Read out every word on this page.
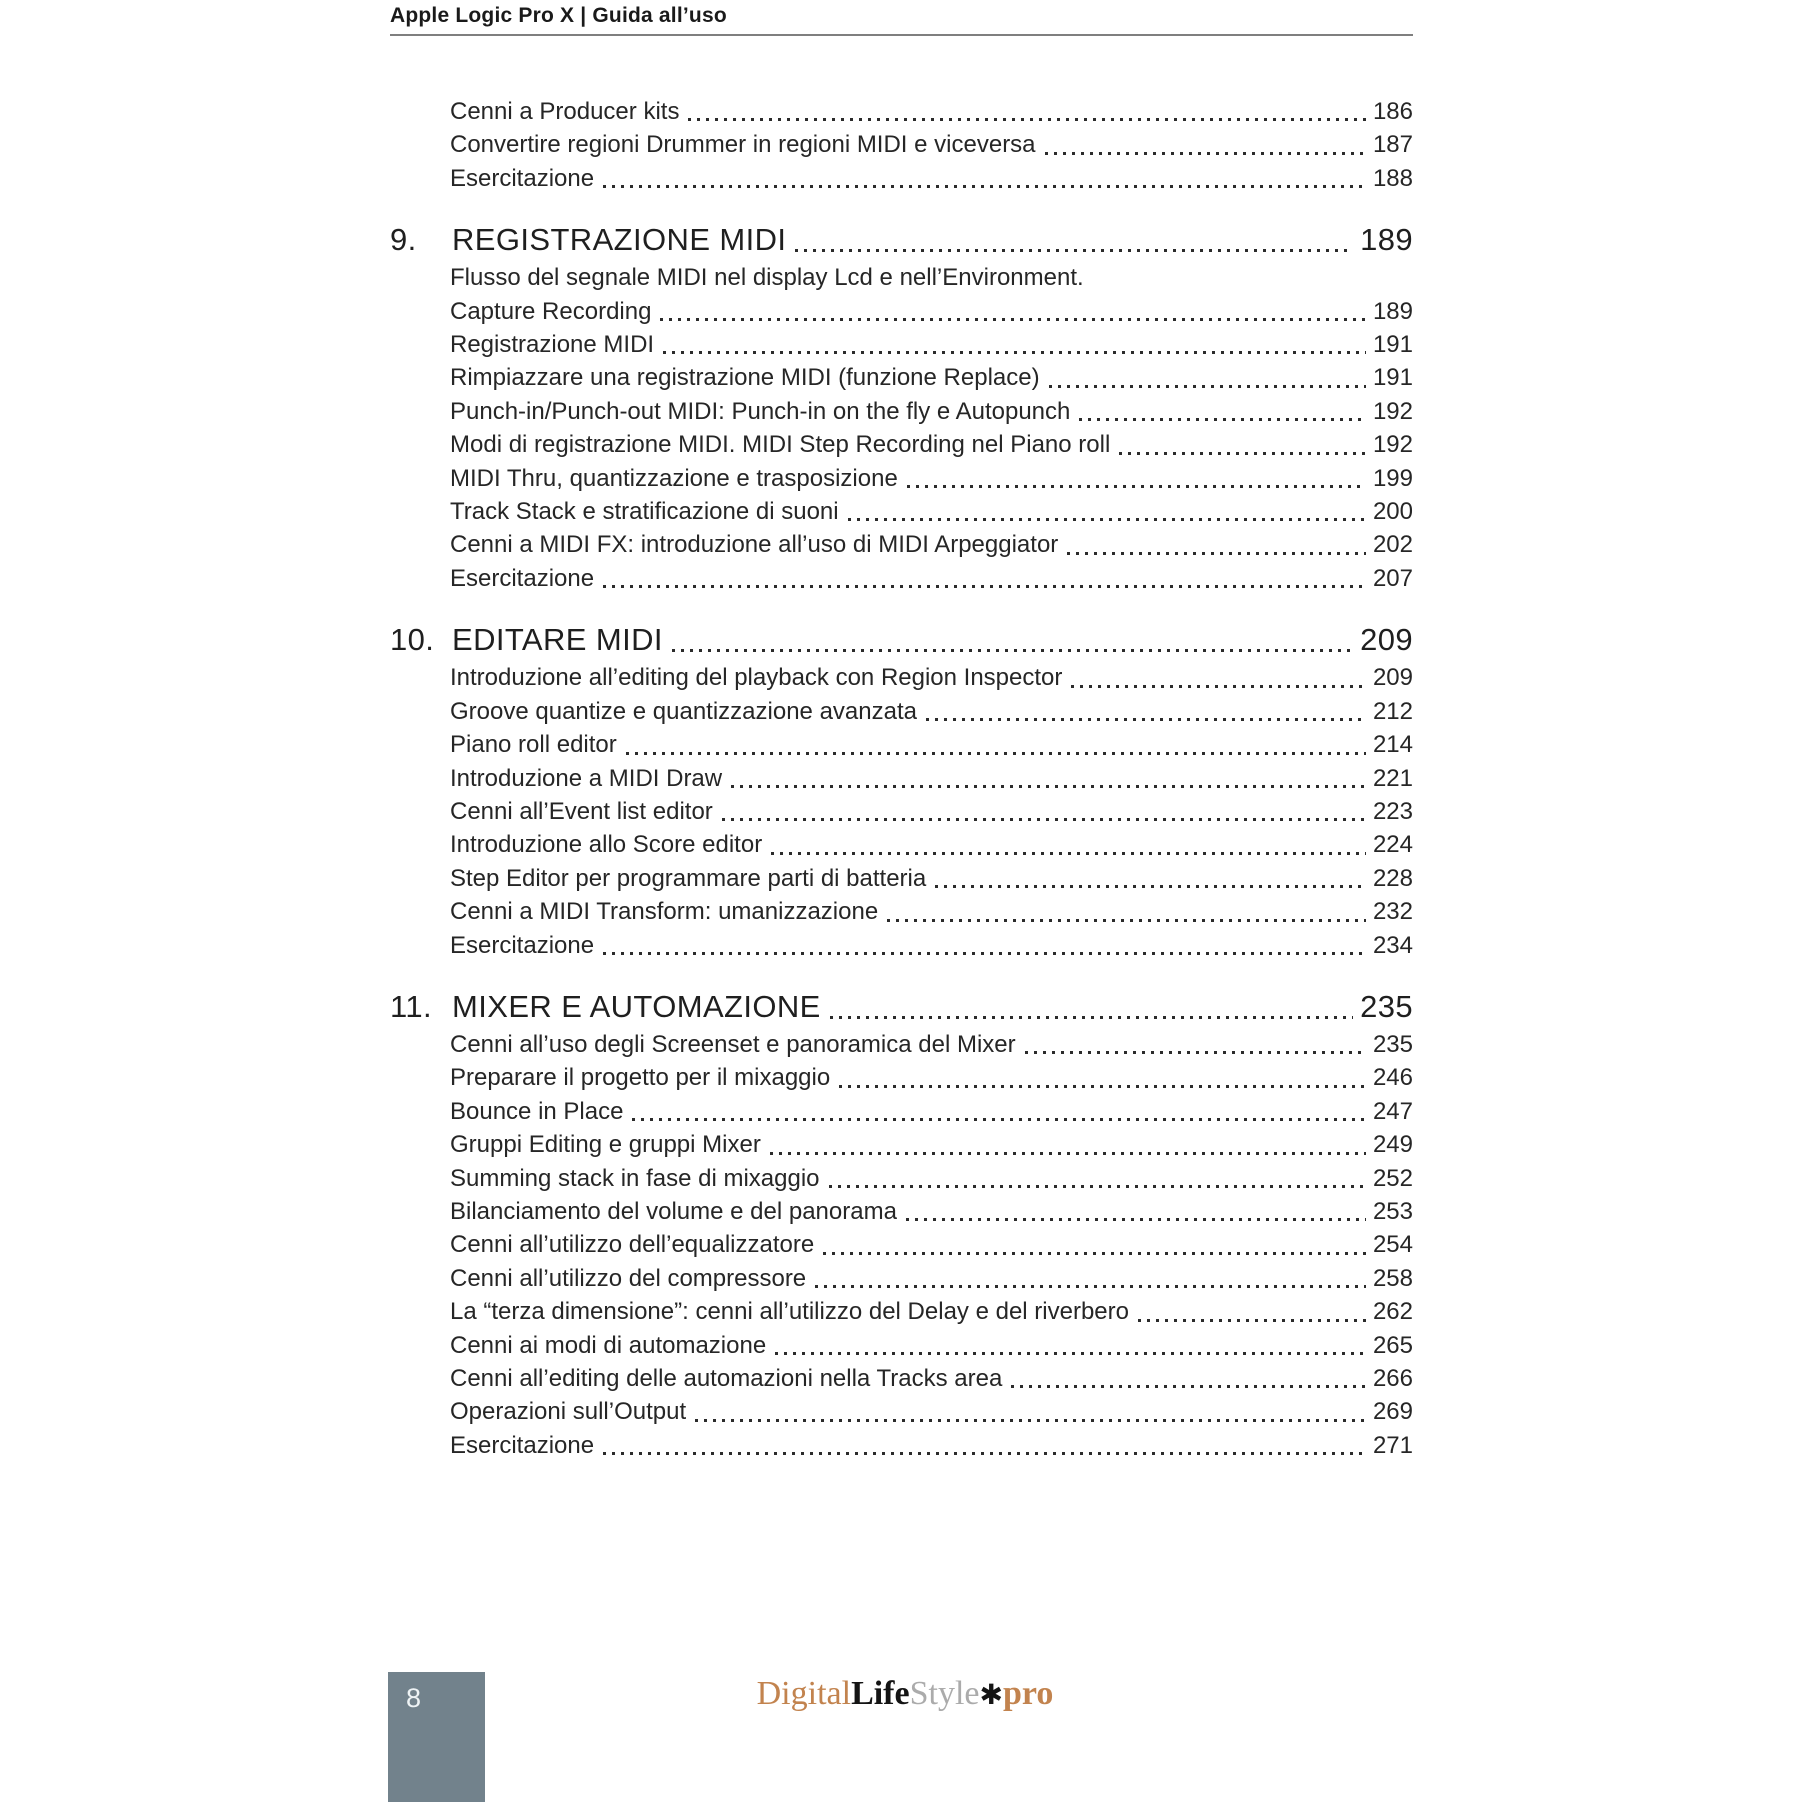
Apple Logic Pro X | Guida all’uso
Cenni a Producer kits	186
Convertire regioni Drummer in regioni MIDI e viceversa	187
Esercitazione	188
9.	REGISTRAZIONE MIDI	189
Flusso del segnale MIDI nel display Lcd e nell’Environment.
Capture Recording	189
Registrazione MIDI	191
Rimpiazzare una registrazione MIDI (funzione Replace)	191
Punch-in/Punch-out MIDI: Punch-in on the fly e Autopunch	192
Modi di registrazione MIDI. MIDI Step Recording nel Piano roll	192
MIDI Thru, quantizzazione e trasposizione	199
Track Stack e stratificazione di suoni	200
Cenni a MIDI FX: introduzione all’uso di MIDI Arpeggiator	202
Esercitazione	207
10. EDITARE MIDI	209
Introduzione all’editing del playback con Region Inspector	209
Groove quantize e quantizzazione avanzata	212
Piano roll editor	214
Introduzione a MIDI Draw	221
Cenni all’Event list editor	223
Introduzione allo Score editor	224
Step Editor per programmare parti di batteria	228
Cenni a MIDI Transform: umanizzazione	232
Esercitazione	234
11. MIXER E AUTOMAZIONE	235
Cenni all’uso degli Screenset e panoramica del Mixer	235
Preparare il progetto per il mixaggio	246
Bounce in Place	247
Gruppi Editing e gruppi Mixer	249
Summing stack in fase di mixaggio	252
Bilanciamento del volume e del panorama	253
Cenni all’utilizzo dell’equalizzatore	254
Cenni all’utilizzo del compressore	258
La “terza dimensione”: cenni all’utilizzo del Delay e del riverbero	262
Cenni ai modi di automazione	265
Cenni all’editing delle automazioni nella Tracks area	266
Operazioni sull’Output	269
Esercitazione	271
8	DigitalLifeStyle✱pro
